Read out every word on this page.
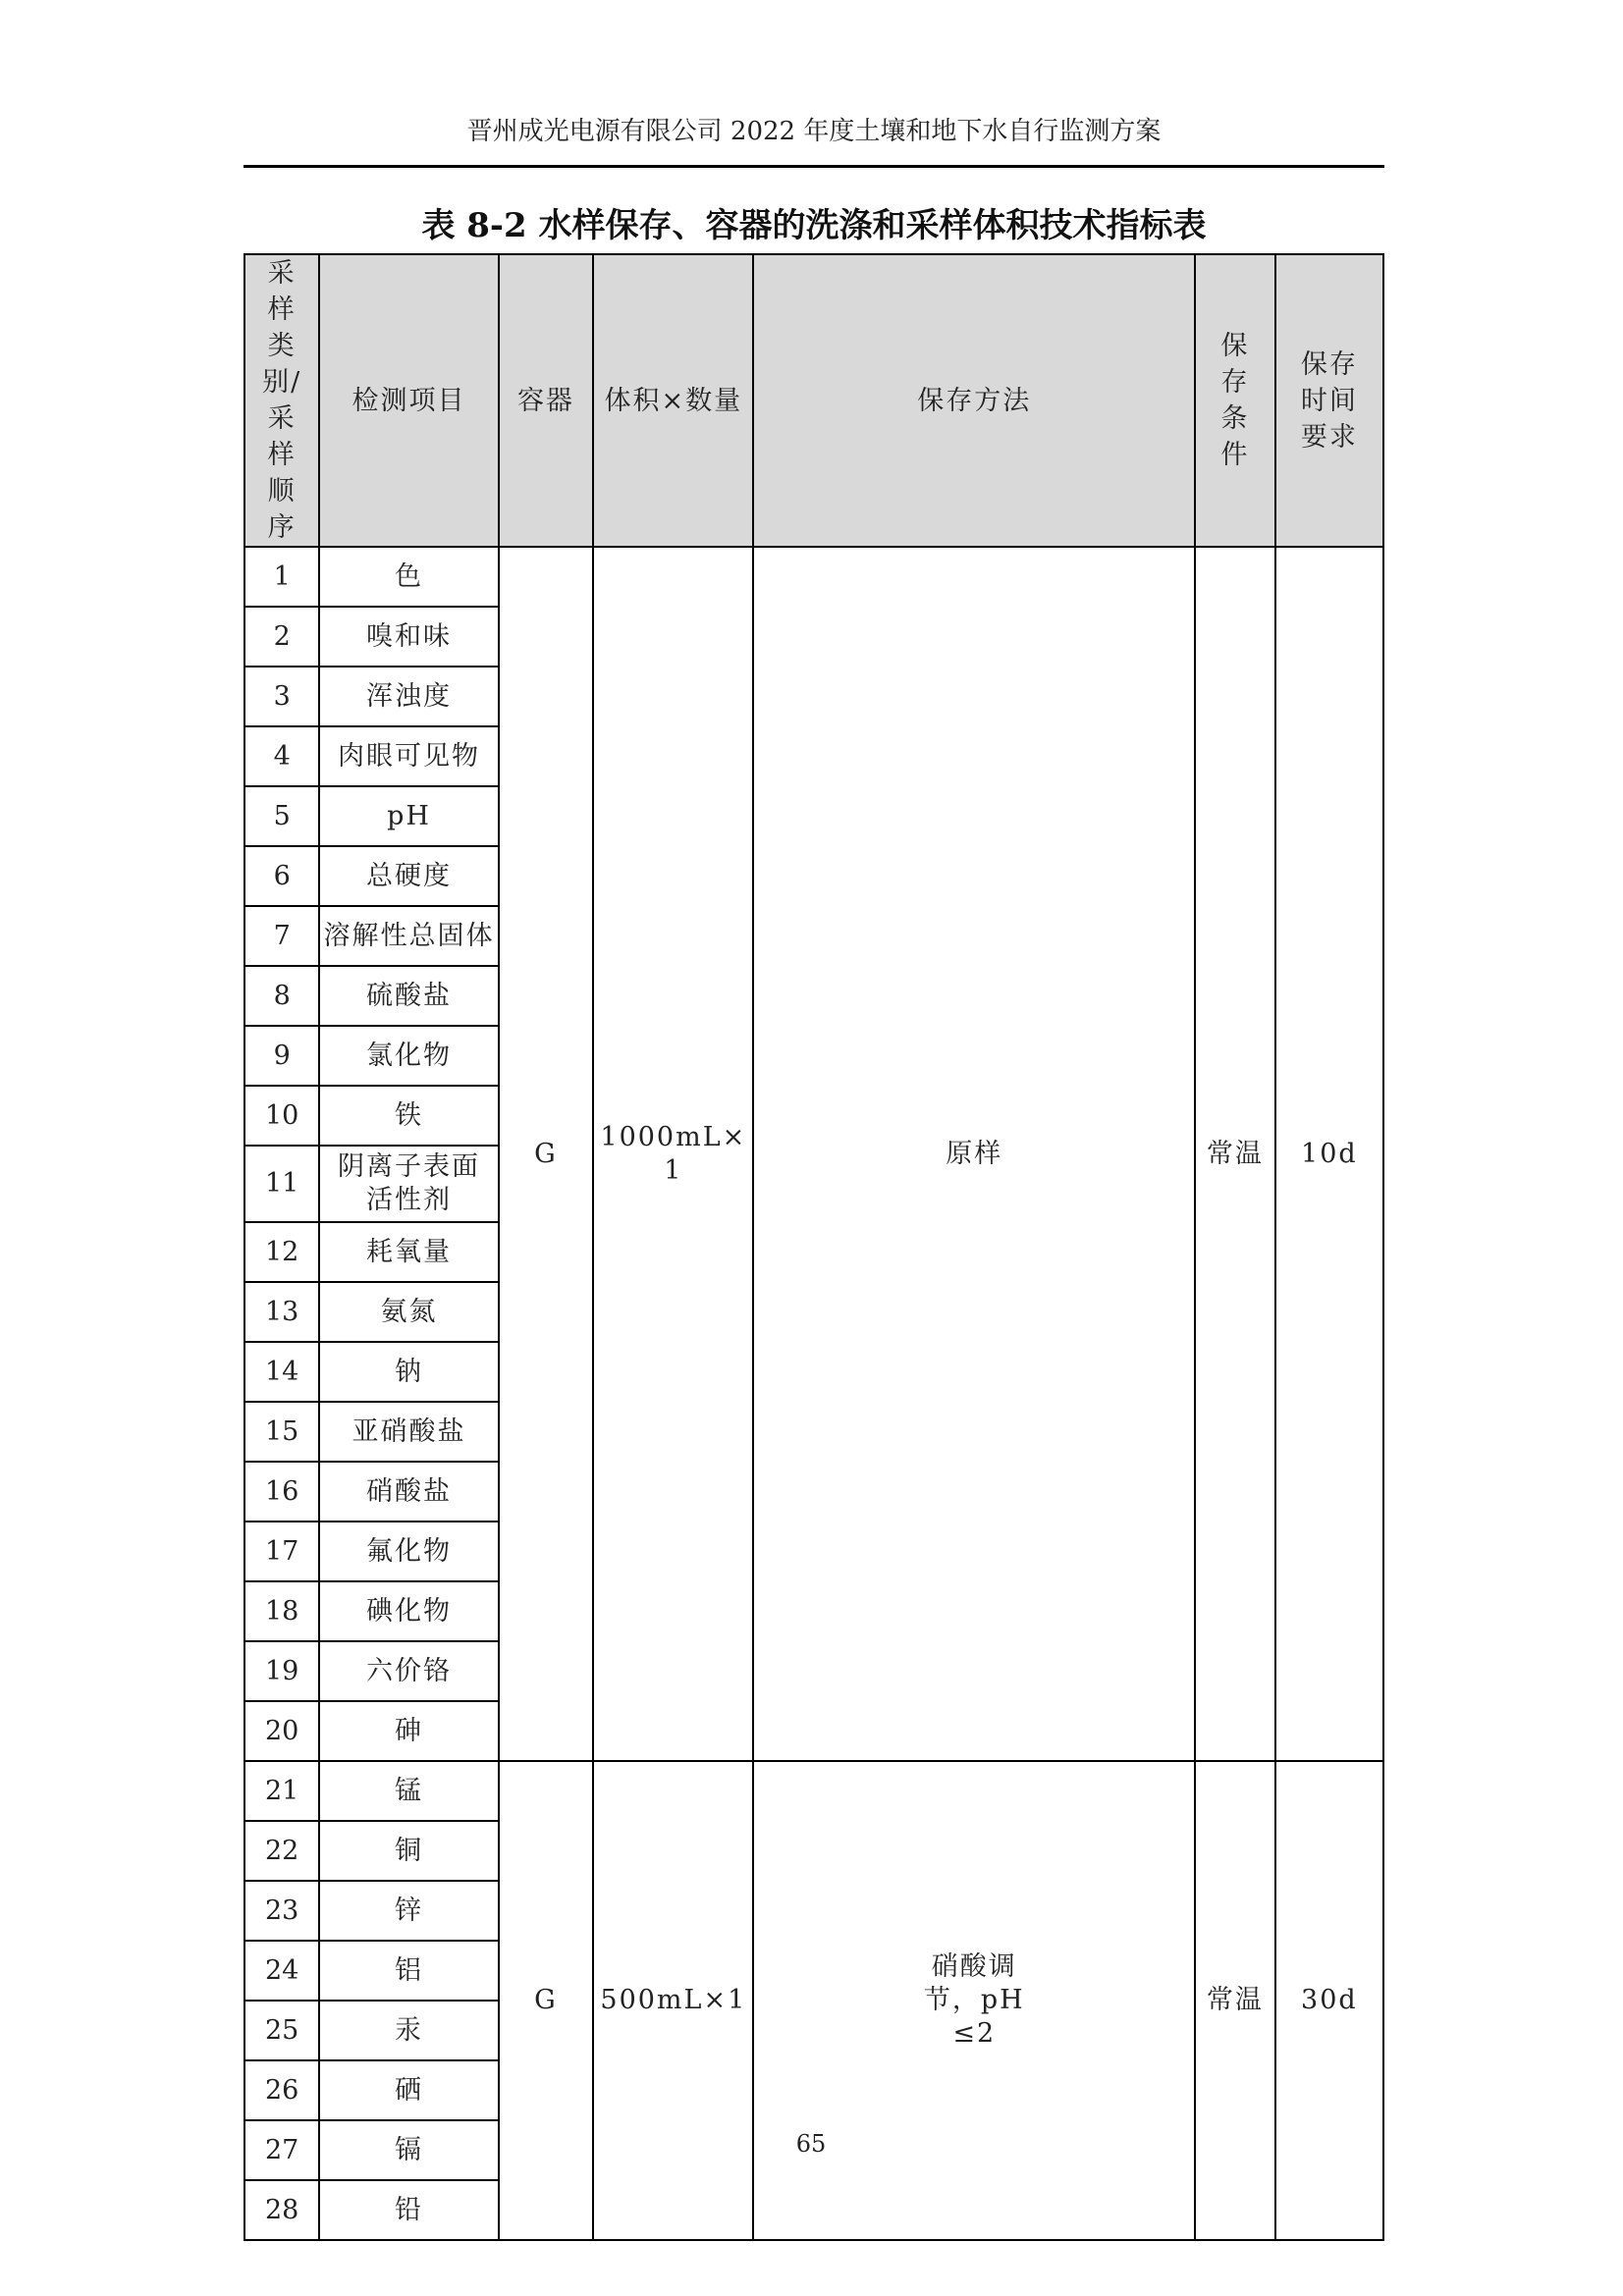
晋州成光电源有限公司 2022 年度土壤和地下水自行监测方案

表 8-2 水样保存、容器的洗涤和采样体积技术指标表
采样类别/采样顺序	检测项目	容器	体积×数量	保存方法	保存条件	保存时间要求

1	色	G	1000mL×1	原样	常温	10d

2	嗅和味					

3	浑浊度					

4	肉眼可见物					

5	pH					

6	总硬度					

7	溶解性总固体					

8	硫酸盐					

9	氯化物					

10	铁					

11	阴离子表面活性剂					

12	耗氧量					

13	氨氮					

14	钠					

15	亚硝酸盐					

16	硝酸盐					

17	氟化物					

18	碘化物					

19	六价铬					

20	砷					

21	锰	G	500mL×1	硝酸调节，pH≤2	常温	30d

22	铜					

23	锌					

24	铝					

25	汞					

26	硒					

27	镉					

28	铅					

65
